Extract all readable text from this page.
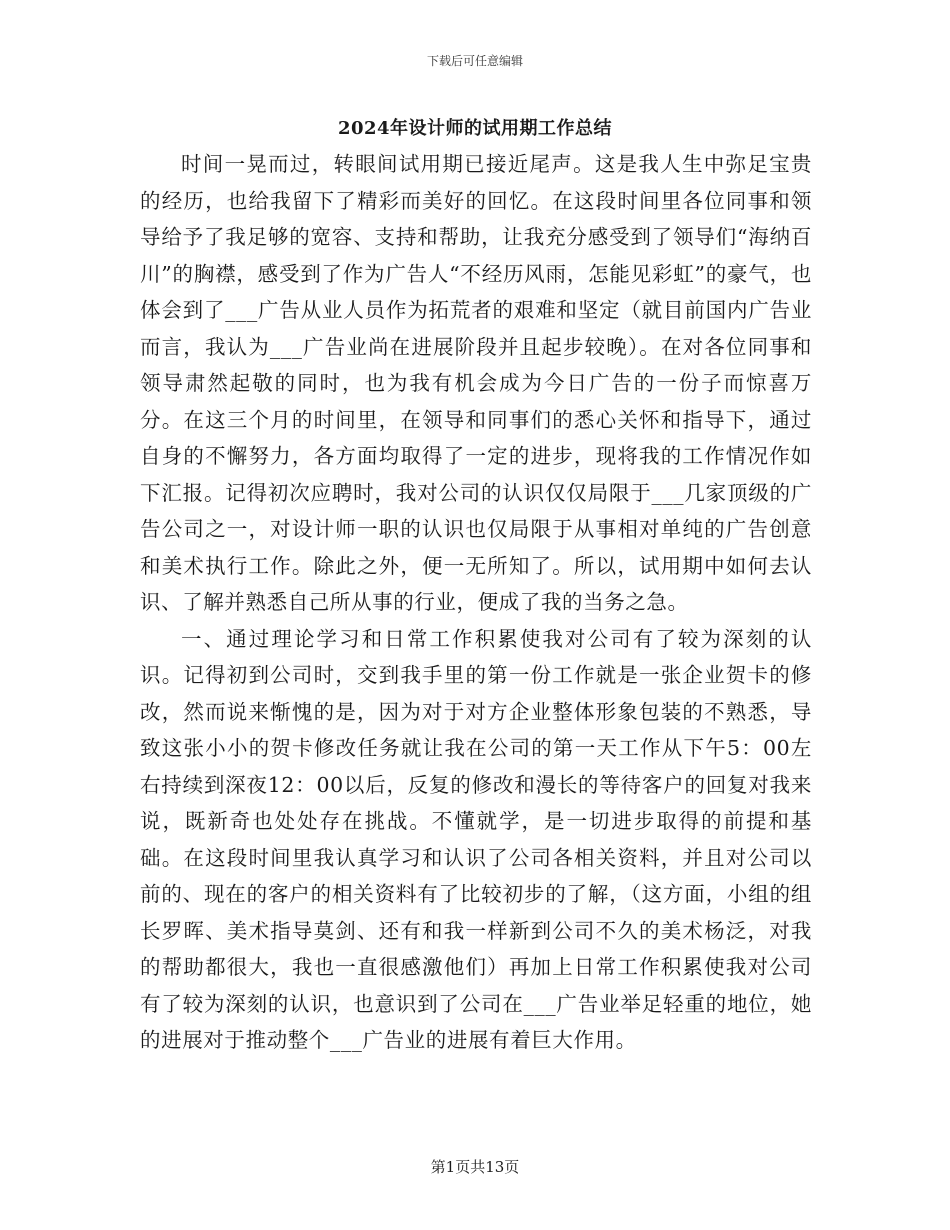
下载后可任意编辑
2024年设计师的试用期工作总结

时间一晃而过，转眼间试用期已接近尾声。这是我人生中弥足宝贵的经历，也给我留下了精彩而美好的回忆。在这段时间里各位同事和领导给予了我足够的宽容、支持和帮助，让我充分感受到了领导们“海纳百川”的胸襟，感受到了作为广告人“不经历风雨，怎能见彩虹”的豪气，也体会到了___广告从业人员作为拓荒者的艰难和坚定（就目前国内广告业而言，我认为___广告业尚在进展阶段并且起步较晚）。在对各位同事和领导肃然起敬的同时，也为我有机会成为今日广告的一份子而惊喜万分。在这三个月的时间里，在领导和同事们的悉心关怀和指导下，通过自身的不懈努力，各方面均取得了一定的进步，现将我的工作情况作如下汇报。记得初次应聘时，我对公司的认识仅仅局限于___几家顶级的广告公司之一，对设计师一职的认识也仅局限于从事相对单纯的广告创意和美术执行工作。除此之外，便一无所知了。所以，试用期中如何去认识、了解并熟悉自己所从事的行业，便成了我的当务之急。

一、通过理论学习和日常工作积累使我对公司有了较为深刻的认识。记得初到公司时，交到我手里的第一份工作就是一张企业贺卡的修改，然而说来惭愧的是，因为对于对方企业整体形象包装的不熟悉，导致这张小小的贺卡修改任务就让我在公司的第一天工作从下午5：00左右持续到深夜12：00以后，反复的修改和漫长的等待客户的回复对我来说，既新奇也处处存在挑战。不懂就学，是一切进步取得的前提和基础。在这段时间里我认真学习和认识了公司各相关资料，并且对公司以前的、现在的客户的相关资料有了比较初步的了解，（这方面，小组的组长罗晖、美术指导莫剑、还有和我一样新到公司不久的美术杨泛，对我的帮助都很大，我也一直很感激他们）再加上日常工作积累使我对公司有了较为深刻的认识，也意识到了公司在___广告业举足轻重的地位，她的进展对于推动整个___广告业的进展有着巨大作用。

第1页共13页
